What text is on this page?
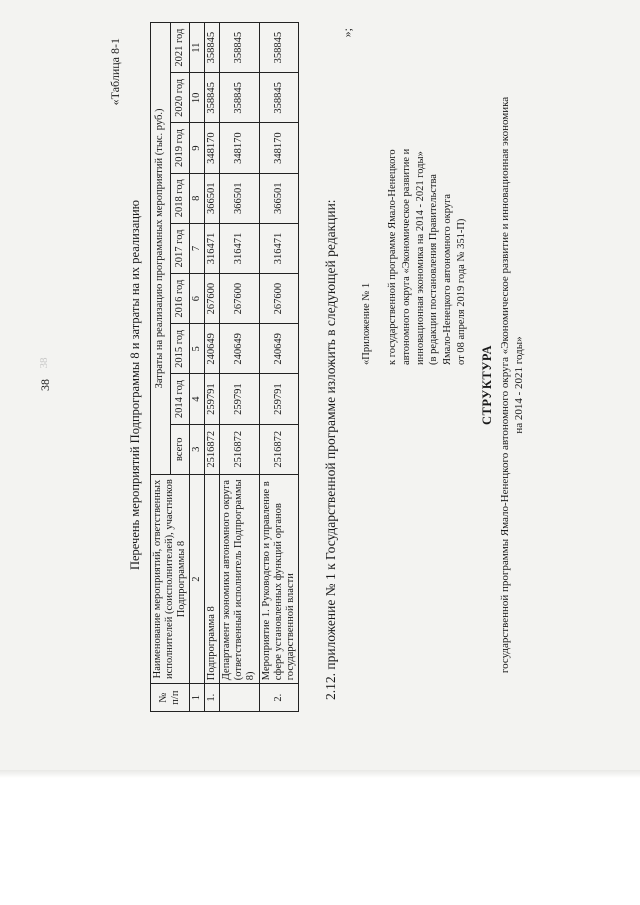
38
38
«Таблица 8-1
Перечень мероприятий Подпрограммы 8 и затраты на их реализацию
№ п/п	Наименование мероприятий, ответственных исполнителей (соисполнителей), участников Подпрограммы 8	Затраты на реализацию программных мероприятий (тыс. руб.)								
		всего	2014 год	2015 год	2016 год	2017 год	2018 год	2019 год	2020 год	2021 год
1	2	3	4	5	6	7	8	9	10	11
1.	Подпрограмма 8	2516872	259791	240649	267600	316471	366501	348170	358845	358845
	Департамент экономики автономного округа (ответственный исполнитель Подпрограммы 8)	2516872	259791	240649	267600	316471	366501	348170	358845	358845
2.	Мероприятие 1. Руководство и управление в сфере установленных функций органов государственной власти	2516872	259791	240649	267600	316471	366501	348170	358845	358845	»;
2.12. приложение № 1 к Государственной программе изложить в следующей редакции: «Приложение № 1 к государственной программе Ямало-Ненецкого автономного округа «Экономическое развитие и инновационная экономика на 2014 - 2021 годы» (в редакции постановления Правительства Ямало-Ненецкого автономного округа от 08 апреля 2019 года № 351-П)
СТРУКТУРА государственной программы Ямало-Ненецкого автономного округа «Экономическое развитие и инновационная экономика на 2014 - 2021 годы»
